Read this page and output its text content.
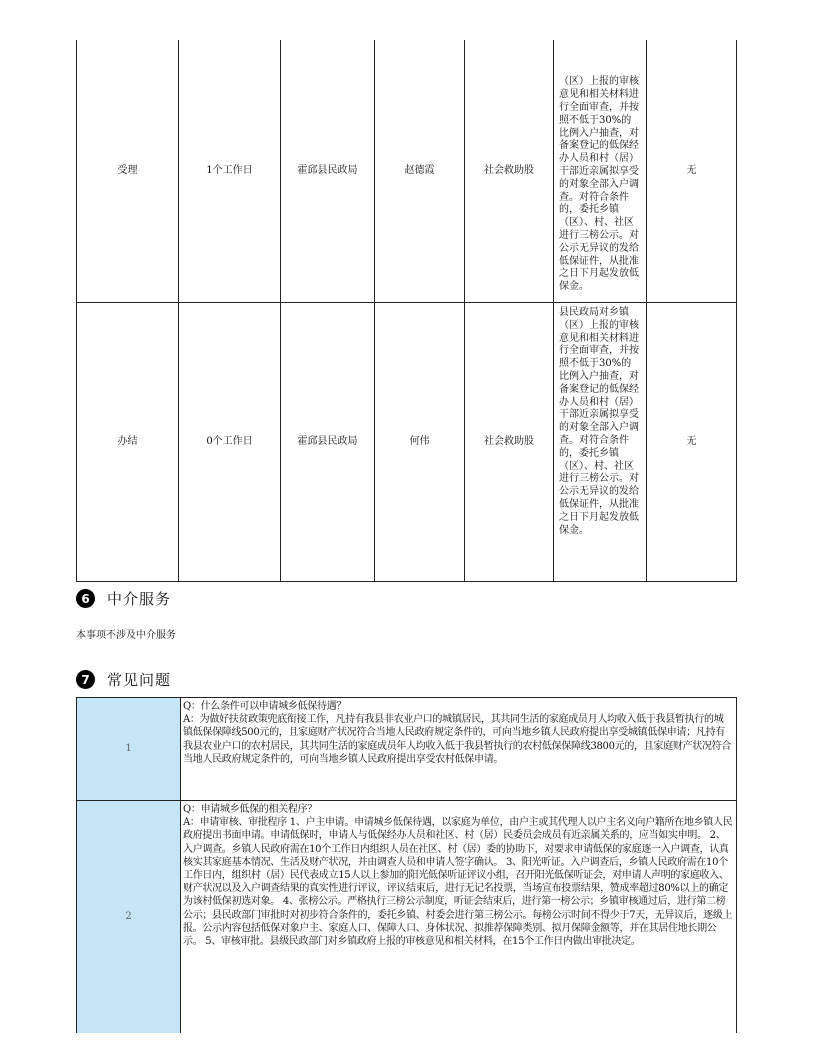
受理	1个工作日	霍邱县民政局	赵德霞	社会救助股	（区）上报的审核意见和相关材料进行全面审查，并按照不低于30%的比例入户抽查，对备案登记的低保经办人员和村（居）干部近亲属拟享受的对象全部入户调查。对符合条件的，委托乡镇（区）、村、社区进行三榜公示。对公示无异议的发给低保证件，从批准之日下月起发放低保金。	无
办结	0个工作日	霍邱县民政局	何伟	社会救助股	县民政局对乡镇（区）上报的审核意见和相关材料进行全面审查，并按照不低于30%的比例入户抽查，对备案登记的低保经办人员和村（居）干部近亲属拟享受的对象全部入户调查。对符合条件的，委托乡镇（区）、村、社区进行三榜公示。对公示无异议的发给低保证件，从批准之日下月起发放低保金。	无
6	中介服务
本事项不涉及中介服务
7	常见问题
1	Q：什么条件可以申请城乡低保待遇？
A：为做好扶贫政策兜底衔接工作，凡持有我县非农业户口的城镇居民，其共同生活的家庭成员月人均收入低于我县暂执行的城镇低保保障线500元的，且家庭财产状况符合当地人民政府规定条件的，可向当地乡镇人民政府提出享受城镇低保申请；凡持有我县农业户口的农村居民，其共同生活的家庭成员年人均收入低于我县暂执行的农村低保保障线3800元的，且家庭财产状况符合当地人民政府规定条件的，可向当地乡镇人民政府提出享受农村低保申请。

2	Q：申请城乡低保的相关程序？
A：申请审核、审批程序 1、户主申请。申请城乡低保待遇，以家庭为单位，由户主或其代理人以户主名义向户籍所在地乡镇人民政府提出书面申请。申请低保时，申请人与低保经办人员和社区、村（居）民委员会成员有近亲属关系的，应当如实申明。 2、入户调查。乡镇人民政府需在10个工作日内组织人员在社区、村（居）委的协助下，对要求申请低保的家庭逐一入户调查，认真核实其家庭基本情况、生活及财产状况，并由调查人员和申请人签字确认。 3、阳光听证。入户调查后，乡镇人民政府需在10个工作日内，组织村（居）民代表成立15人以上参加的阳光低保听证评议小组，召开阳光低保听证会，对申请人声明的家庭收入、财产状况以及入户调查结果的真实性进行评议，评议结束后，进行无记名投票，当场宣布投票结果，赞成率超过80%以上的确定为该村低保初选对象。 4、张榜公示。严格执行三榜公示制度，听证会结束后，进行第一榜公示；乡镇审核通过后，进行第二榜公示；县民政部门审批时对初步符合条件的，委托乡镇、村委会进行第三榜公示。每榜公示时间不得少于7天，无异议后，逐级上报。公示内容包括低保对象户主、家庭人口、保障人口、身体状况、拟推荐保障类别、拟月保障金额等，并在其居住地长期公示。 5、审核审批。县级民政部门对乡镇政府上报的审核意见和相关材料，在15个工作日内做出审批决定。
